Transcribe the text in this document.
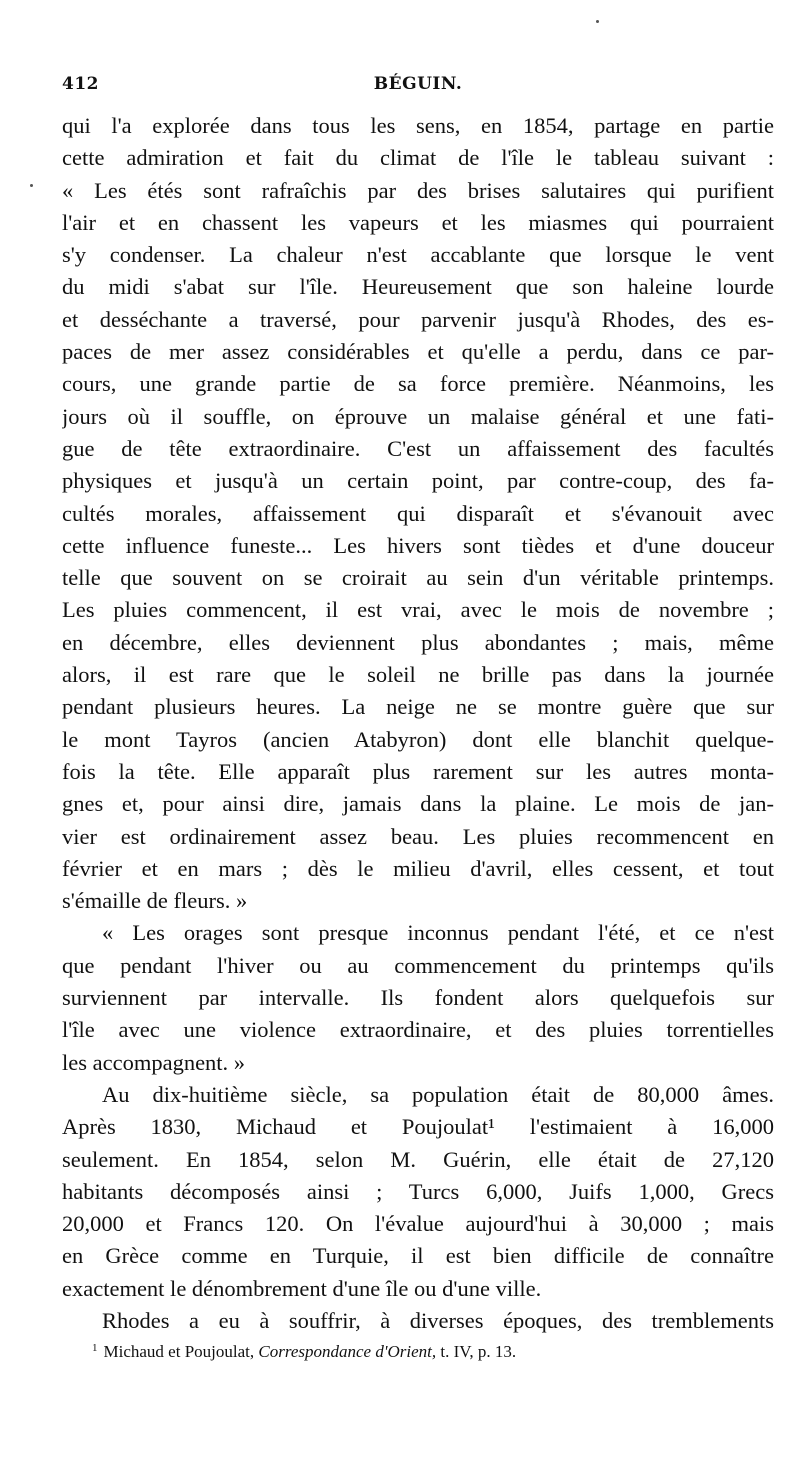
412	BÉGUIN.
qui l'a explorée dans tous les sens, en 1854, partage en partie
cette admiration et fait du climat de l'île le tableau suivant :
« Les étés sont rafraîchis par des brises salutaires qui purifient
l'air et en chassent les vapeurs et les miasmes qui pourraient
s'y condenser. La chaleur n'est accablante que lorsque le vent
du midi s'abat sur l'île. Heureusement que son haleine lourde
et desséchante a traversé, pour parvenir jusqu'à Rhodes, des es-
paces de mer assez considérables et qu'elle a perdu, dans ce par-
cours, une grande partie de sa force première. Néanmoins, les
jours où il souffle, on éprouve un malaise général et une fati-
gue de tête extraordinaire. C'est un affaissement des facultés
physiques et jusqu'à un certain point, par contre-coup, des fa-
cultés morales, affaissement qui disparaît et s'évanouit avec
cette influence funeste... Les hivers sont tièdes et d'une douceur
telle que souvent on se croirait au sein d'un véritable printemps.
Les pluies commencent, il est vrai, avec le mois de novembre ;
en décembre, elles deviennent plus abondantes ; mais, même
alors, il est rare que le soleil ne brille pas dans la journée
pendant plusieurs heures. La neige ne se montre guère que sur
le mont Tayros (ancien Atabyron) dont elle blanchit quelque-
fois la tête. Elle apparaît plus rarement sur les autres monta-
gnes et, pour ainsi dire, jamais dans la plaine. Le mois de jan-
vier est ordinairement assez beau. Les pluies recommencent en
février et en mars ; dès le milieu d'avril, elles cessent, et tout
s'émaille de fleurs. »
« Les orages sont presque inconnus pendant l'été, et ce n'est
que pendant l'hiver ou au commencement du printemps qu'ils
surviennent par intervalle. Ils fondent alors quelquefois sur
l'île avec une violence extraordinaire, et des pluies torrentielles
les accompagnent. »
Au dix-huitième siècle, sa population était de 80,000 âmes.
Après 1830, Michaud et Poujoulat¹ l'estimaient à 16,000
seulement. En 1854, selon M. Guérin, elle était de 27,120
habitants décomposés ainsi ; Turcs 6,000, Juifs 1,000, Grecs
20,000 et Francs 120. On l'évalue aujourd'hui à 30,000 ; mais
en Grèce comme en Turquie, il est bien difficile de connaître
exactement le dénombrement d'une île ou d'une ville.
Rhodes a eu à souffrir, à diverses époques, des tremblements
$^1$ Michaud et Poujoulat, Correspondance d'Orient, t. IV, p. 13.
